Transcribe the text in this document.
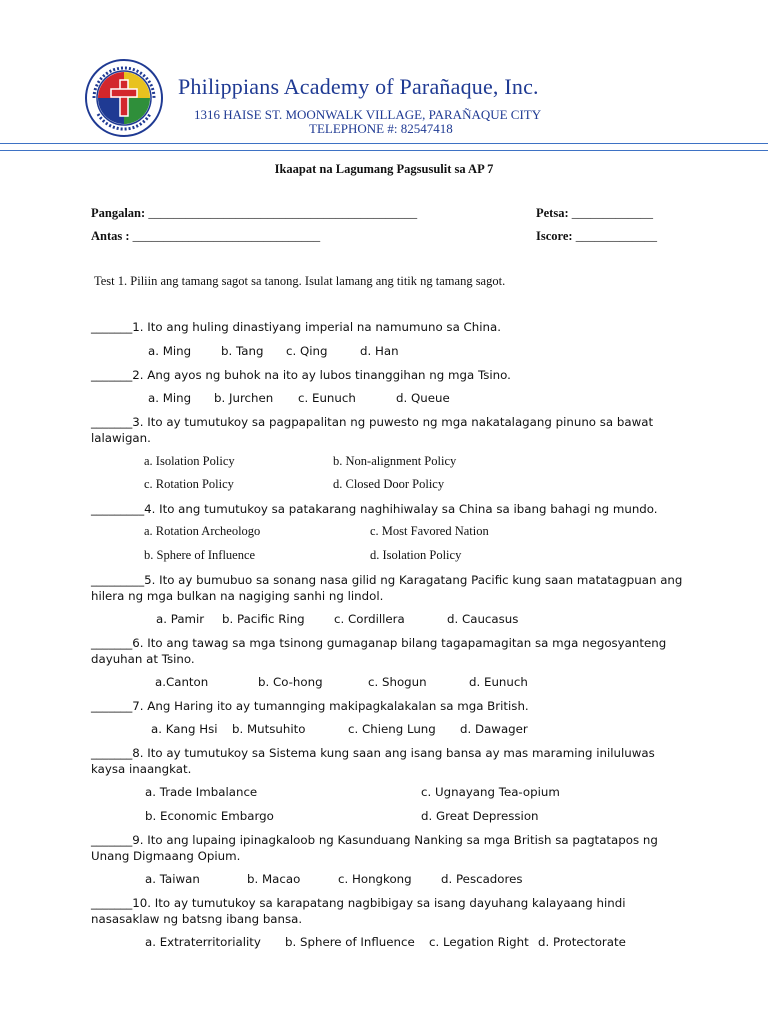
Philippians Academy of Parañaque, Inc.
1316 HAISE ST. MOONWALK VILLAGE, PARAÑAQUE CITY
TELEPHONE #: 82547418
Ikaapat na Lagumang Pagsusulit sa AP 7
Pangalan: ___________________________________________	Petsa: _____________
Antas : ______________________________	Iscore: _____________
Test 1. Piliin ang tamang sagot sa tanong. Isulat lamang ang titik ng tamang sagot.
_______1. Ito ang huling dinastiyang imperial na namumuno sa China.
a. Ming	b. Tang c. Qing	d. Han
_______2. Ang ayos ng buhok na ito ay lubos tinanggihan ng mga Tsino.
a. Ming b. Jurchen c. Eunuch	d. Queue
_______3. Ito ay tumutukoy sa pagpapalitan ng puwesto ng mga nakatalagang pinuno sa bawat lalawigan.
a. Isolation Policy	b. Non-alignment Policy
c. Rotation Policy	d. Closed Door Policy
_________4. Ito ang tumutukoy sa patakarang naghihiwalay sa China sa ibang bahagi ng mundo.
a. Rotation Archeologo	c. Most Favored Nation
b. Sphere of Influence	d. Isolation Policy
_________5. Ito ay bumubuo sa sonang nasa gilid ng Karagatang Pacific kung saan matatagpuan ang hilera ng mga bulkan na nagiging sanhi ng lindol.
a. Pamir b. Pacific Ring c. Cordillera	d. Caucasus
_______6. Ito ang tawag sa mga tsinong gumaganap bilang tagapamagitan sa mga negosyanteng dayuhan at Tsino.
a.Canton	b. Co-hong	c. Shogun	d. Eunuch
_______7. Ang Haring ito ay tumannging makipagkalakalan sa mga British.
a. Kang Hsi b. Mutsuhito	c. Chieng Lung d. Dawager
_______8. Ito ay tumutukoy sa Sistema kung saan ang isang bansa ay mas maraming iniluluwas kaysa inaangkat.
a. Trade Imbalance	c. Ugnayang Tea-opium
b. Economic Embargo	d. Great Depression
_______9. Ito ang lupaing ipinagkaloob ng Kasunduang Nanking sa mga British sa pagtatapos ng Unang Digmaang Opium.
a. Taiwan	b. Macao	c. Hongkong d. Pescadores
_______10. Ito ay tumutukoy sa karapatang nagbibigay sa isang dayuhang kalayaang hindi nasasaklaw ng batsng ibang bansa.
a. Extraterritoriality b. Sphere of Influence c. Legation Right d. Protectorate
